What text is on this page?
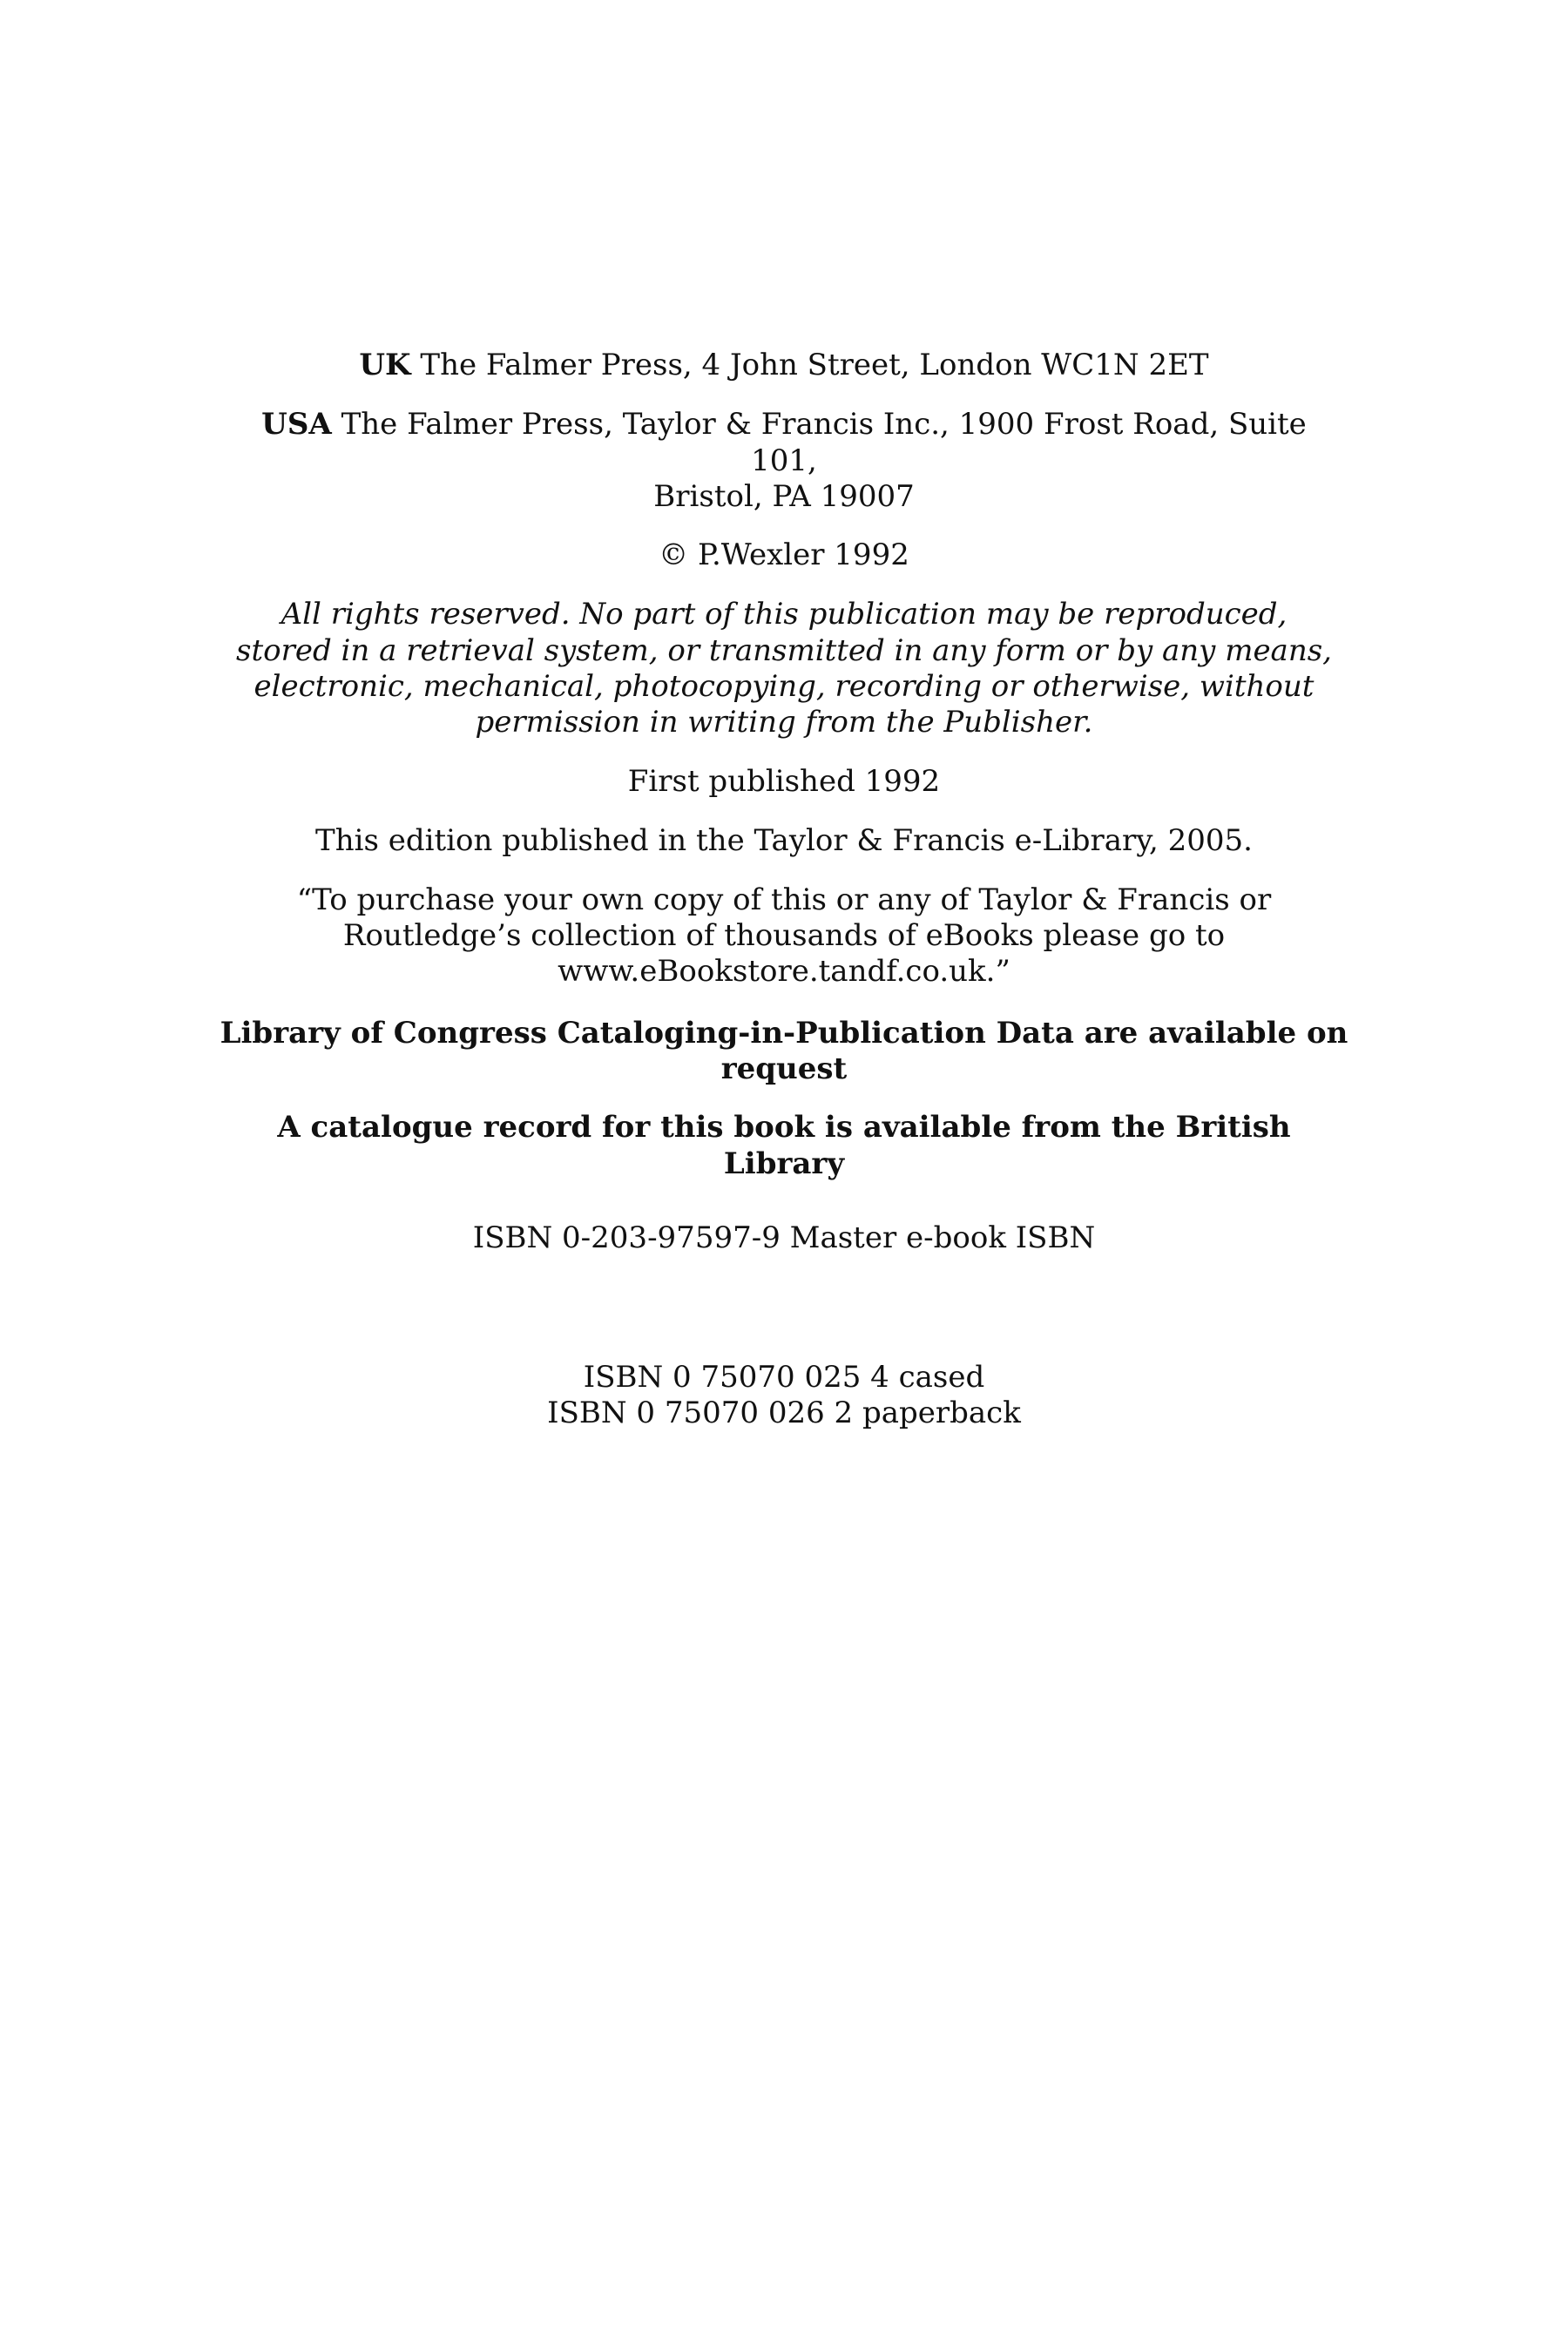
UK The Falmer Press, 4 John Street, London WC1N 2ET
USA The Falmer Press, Taylor & Francis Inc., 1900 Frost Road, Suite
101,
Bristol, PA 19007
© P.Wexler 1992
All rights reserved. No part of this publication may be reproduced,
stored in a retrieval system, or transmitted in any form or by any means,
electronic, mechanical, photocopying, recording or otherwise, without
permission in writing from the Publisher.
First published 1992
This edition published in the Taylor & Francis e-Library, 2005.
“To purchase your own copy of this or any of Taylor & Francis or
Routledge’s collection of thousands of eBooks please go to
www.eBookstore.tandf.co.uk.”
Library of Congress Cataloging-in-Publication Data are available on
request
A catalogue record for this book is available from the British
Library
ISBN 0-203-97597-9 Master e-book ISBN
ISBN 0 75070 025 4 cased
ISBN 0 75070 026 2 paperback
